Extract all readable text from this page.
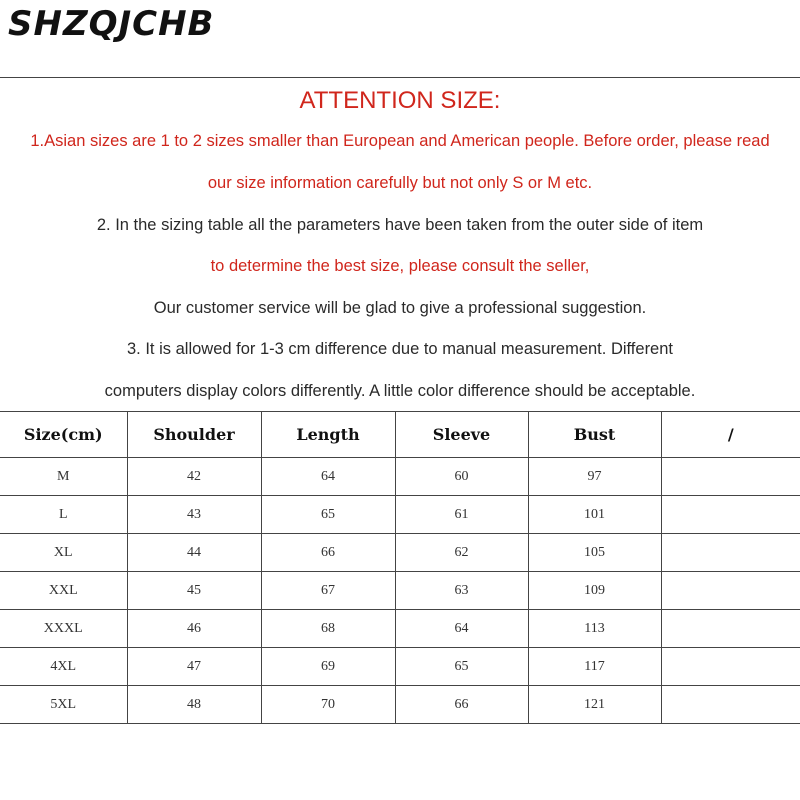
SHZQJCHB
ATTENTION SIZE:
1.Asian sizes are 1 to 2 sizes smaller than European and American people. Before order, please read
our size information carefully but not only S or M etc.
2. In the sizing table all the parameters have been taken from the outer side of item
to determine the best size, please consult the seller,
Our customer service will be glad to give a professional suggestion.
3. It is allowed for 1-3 cm difference due to manual measurement. Different
computers display colors differently. A little color difference should be acceptable.
Size(cm)	Shoulder	Length	Sleeve	Bust	/
M	42	64	60	97	
L	43	65	61	101	
XL	44	66	62	105	
XXL	45	67	63	109	
XXXL	46	68	64	113	
4XL	47	69	65	117	
5XL	48	70	66	121	
